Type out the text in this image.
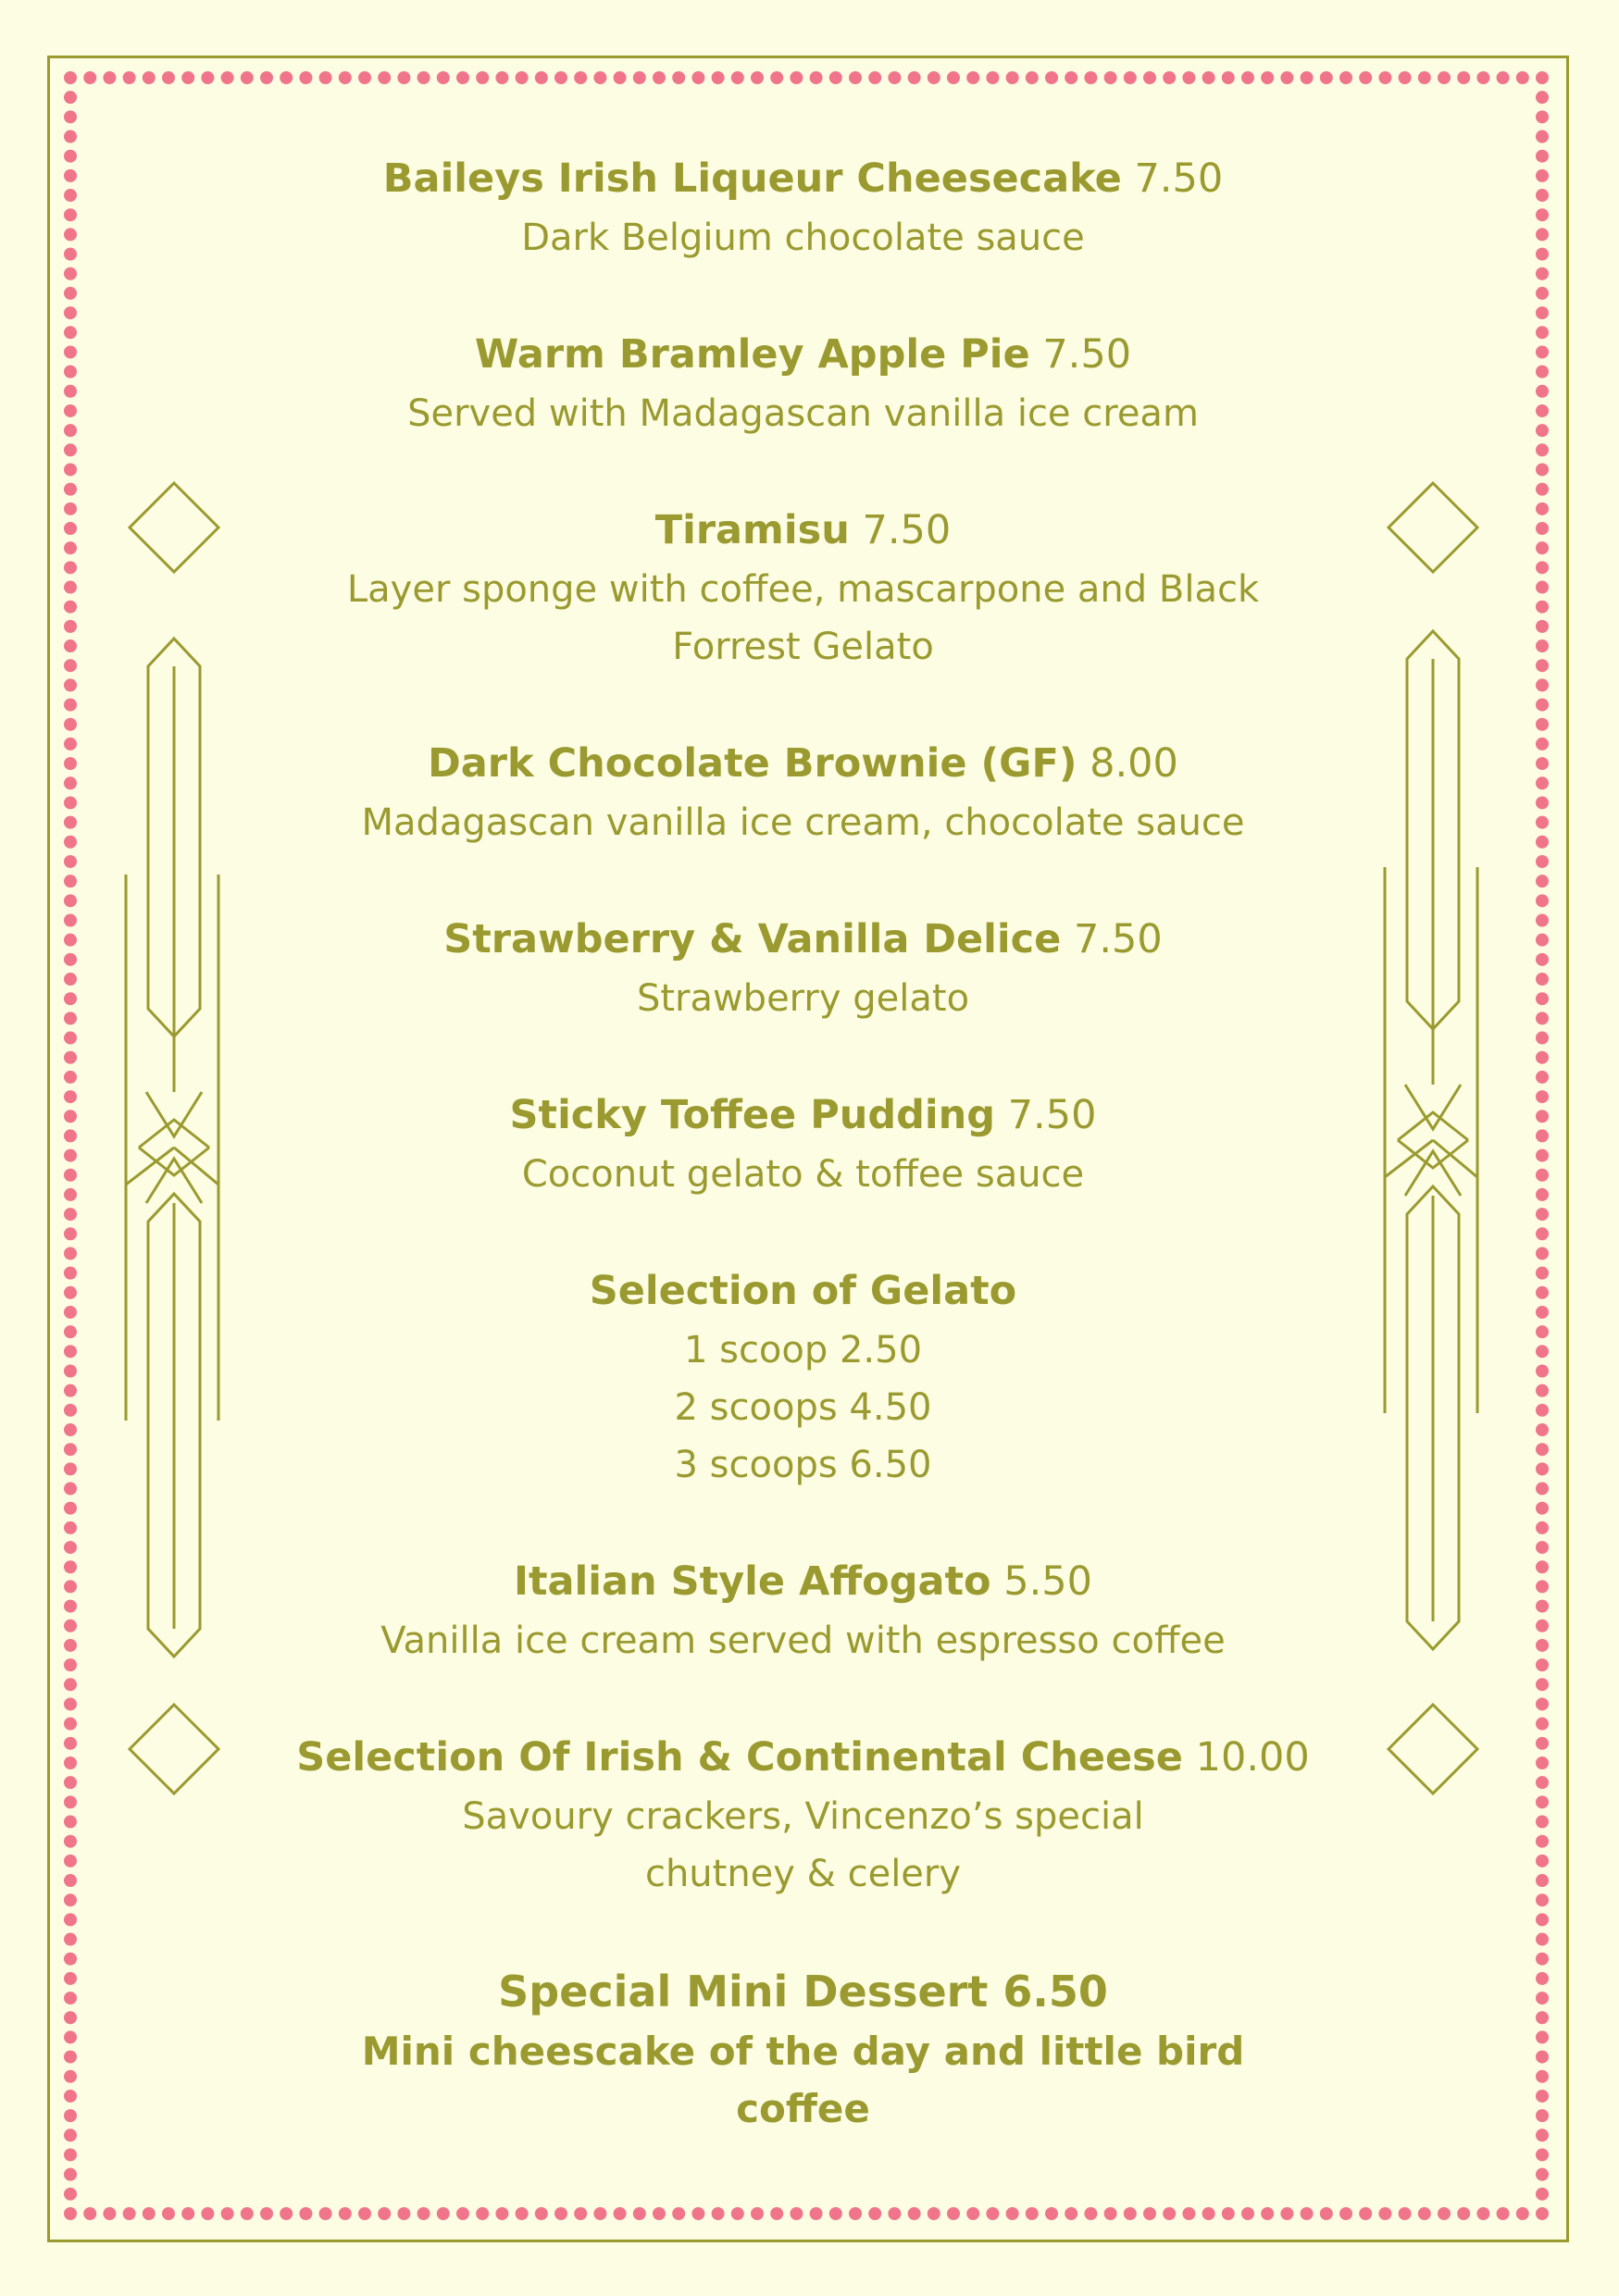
Baileys Irish Liqueur Cheesecake 7.50
Dark Belgium chocolate sauce
Warm Bramley Apple Pie 7.50
Served with Madagascan vanilla ice cream
Tiramisu 7.50
Layer sponge with coffee, mascarpone and Black
Forrest Gelato
Dark Chocolate Brownie (GF) 8.00
Madagascan vanilla ice cream, chocolate sauce
Strawberry & Vanilla Delice 7.50
Strawberry gelato
Sticky Toffee Pudding 7.50
Coconut gelato & toffee sauce
Selection of Gelato
1 scoop 2.50
2 scoops 4.50
3 scoops 6.50
Italian Style Affogato 5.50
Vanilla ice cream served with espresso coffee
Selection Of Irish & Continental Cheese 10.00
Savoury crackers, Vincenzo’s special
chutney & celery
Special Mini Dessert 6.50
Mini cheescake of the day and little bird
coffee
